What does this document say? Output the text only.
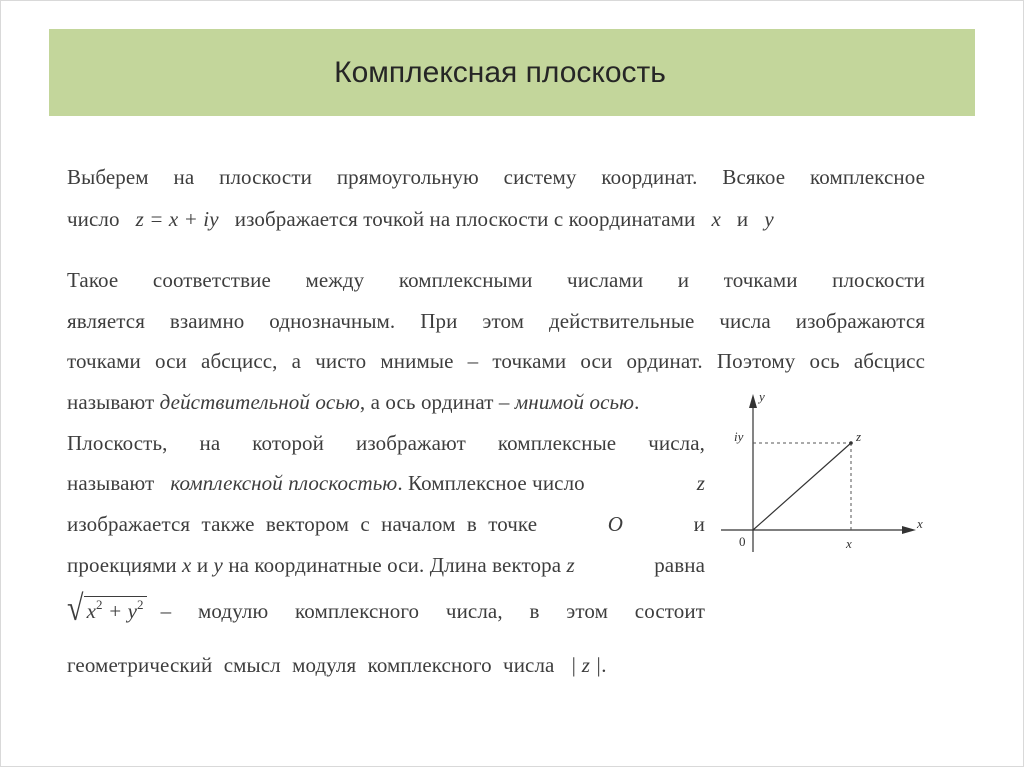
Комплексная плоскость
Выберем на плоскости прямоугольную систему координат. Всякое комплексное
число z = x + iy изображается точкой на плоскости с координатами x и y
Такое соответствие между комплексными числами и точками плоскости
является взаимно однозначным. При этом действительные числа изображаются
точками оси абсцисс, а чисто мнимые – точками оси ординат. Поэтому ось абсцисс
называют действительной осью, а ось ординат – мнимой осью.
Плоскость, на которой изображают комплексные числа,
называют комплексной плоскостью. Комплексное число	z
изображается также вектором с началом в точке	O	и
проекциями x и y на координатные оси. Длина вектора z	равна
√ $x^2 + y^2$ – модулю комплексного числа, в этом состоит
геометрический смысл модуля комплексного числа | z |.
y
x
0
iy	z
x
